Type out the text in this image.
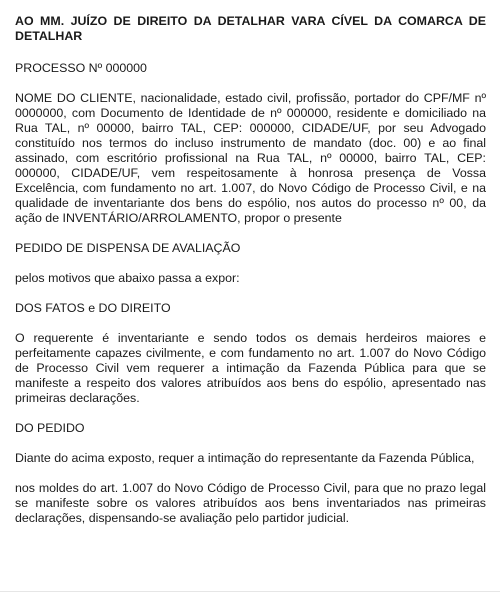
AO MM. JUÍZO DE DIREITO DA DETALHAR VARA CÍVEL DA COMARCA DE DETALHAR

PROCESSO Nº 000000

NOME DO CLIENTE, nacionalidade, estado civil, profissão, portador do CPF/MF nº 0000000, com Documento de Identidade de nº 000000, residente e domiciliado na Rua TAL, nº 00000, bairro TAL, CEP: 000000, CIDADE/UF, por seu Advogado constituído nos termos do incluso instrumento de mandato (doc. 00) e ao final assinado, com escritório profissional na Rua TAL, nº 00000, bairro TAL, CEP: 000000, CIDADE/UF, vem respeitosamente à honrosa presença de Vossa Excelência, com fundamento no art. 1.007, do Novo Código de Processo Civil, e na qualidade de inventariante dos bens do espólio, nos autos do processo nº 00, da ação de INVENTÁRIO/ARROLAMENTO, propor o presente

PEDIDO DE DISPENSA DE AVALIAÇÃO

pelos motivos que abaixo passa a expor:

DOS FATOS e DO DIREITO

O requerente é inventariante e sendo todos os demais herdeiros maiores e perfeitamente capazes civilmente, e com fundamento no art. 1.007 do Novo Código de Processo Civil vem requerer a intimação da Fazenda Pública para que se manifeste a respeito dos valores atribuídos aos bens do espólio, apresentado nas primeiras declarações.

DO PEDIDO

Diante do acima exposto, requer a intimação do representante da Fazenda Pública,

nos moldes do art. 1.007 do Novo Código de Processo Civil, para que no prazo legal se manifeste sobre os valores atribuídos aos bens inventariados nas primeiras declarações, dispensando-se avaliação pelo partidor judicial.
